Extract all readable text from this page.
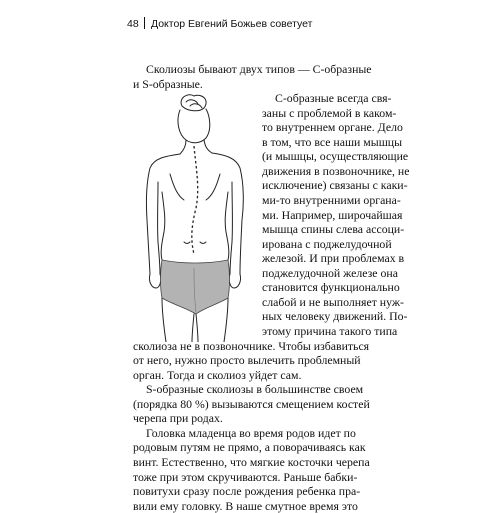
48 Доктор Евгений Божьев советует

Сколиозы бывают двух типов — С-образные

и S-образные.

С-образные всегда свя-

заны с проблемой в каком-

то внутреннем органе. Дело

в том, что все наши мышцы

(и мышцы, осуществляющие

движения в позвоночнике, не

исключение) связаны с каки-

ми-то внутренними органа-

ми. Например, широчайшая

мышца спины слева ассоци-

ирована с поджелудочной

железой. И при проблемах в

поджелудочной железе она

становится функционально

слабой и не выполняет нуж-

ных человеку движений. По-

этому причина такого типа

сколиоза не в позвоночнике. Чтобы избавиться

от него, нужно просто вылечить проблемный

орган. Тогда и сколиоз уйдет сам.

S-образные сколиозы в большинстве своем

(порядка 80 %) вызываются смещением костей

черепа при родах.

Головка младенца во время родов идет по

родовым путям не прямо, а поворачиваясь как

винт. Естественно, что мягкие косточки черепа

тоже при этом скручиваются. Раньше бабки-

повитухи сразу после рождения ребенка пра-

вили ему головку. В наше смутное время это
